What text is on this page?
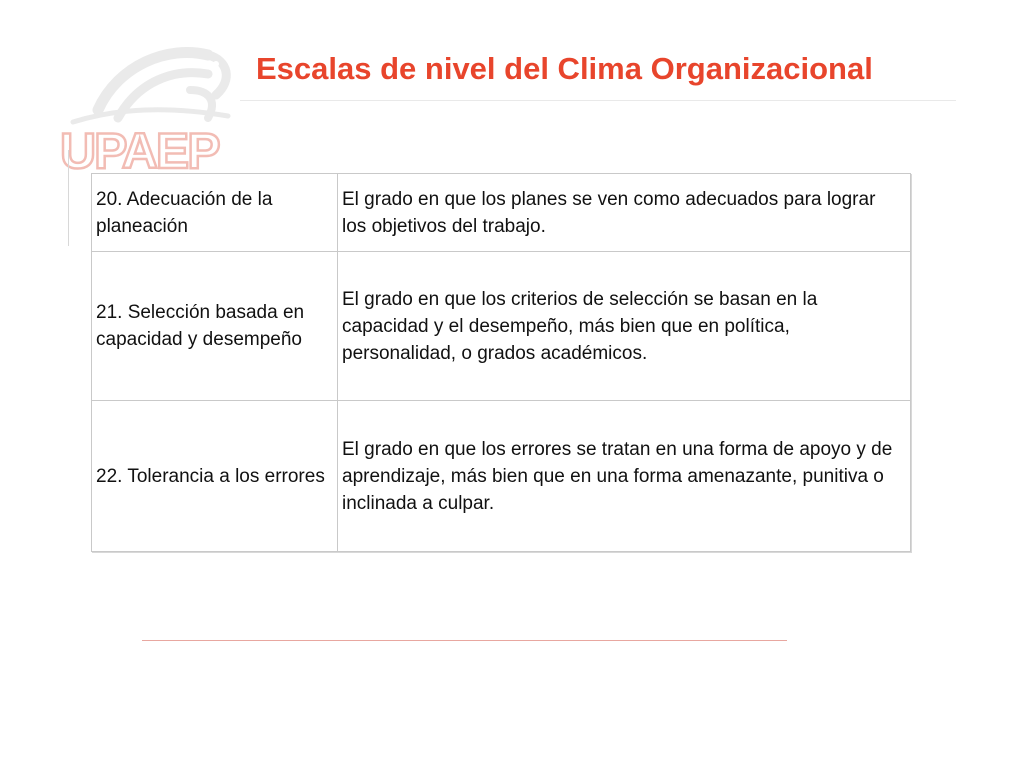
UPAEP
Escalas de nivel del Clima Organizacional
20. Adecuación de la planeación	El grado en que los planes se ven como adecuados para lograr los objetivos del trabajo.
21. Selección basada en capacidad y desempeño	El grado en que los criterios de selección se basan en la capacidad y el desempeño, más bien que en política, personalidad, o grados académicos.
22. Tolerancia a los errores	El grado en que los errores se tratan en una forma de apoyo y de aprendizaje, más bien que en una forma amenazante, punitiva o inclinada a culpar.
